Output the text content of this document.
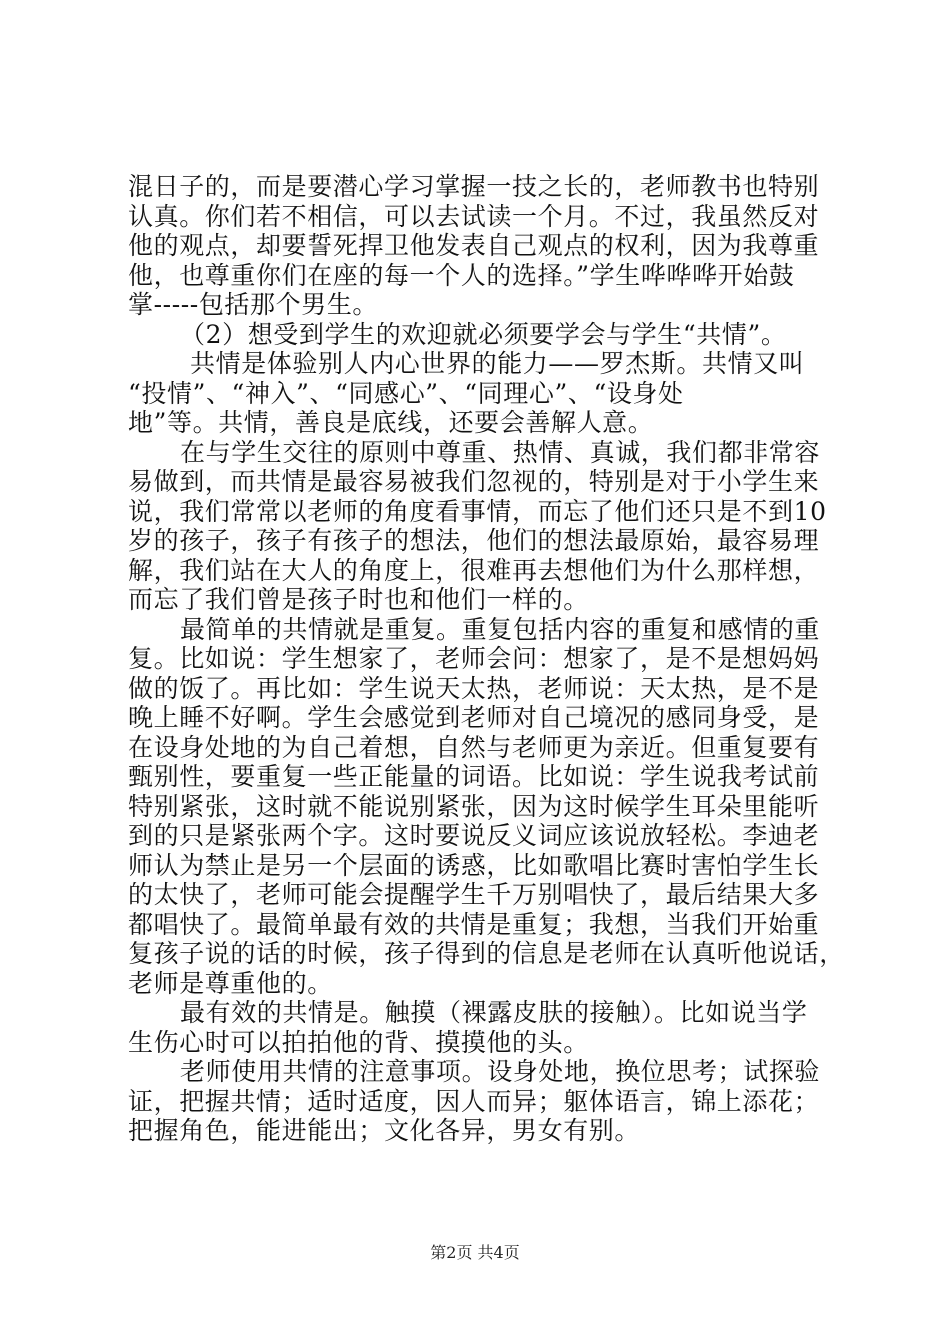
混日子的，而是要潜心学习掌握一技之长的，老师教书也特别
认真。你们若不相信，可以去试读一个月。不过，我虽然反对
他的观点，却要誓死捍卫他发表自己观点的权利，因为我尊重
他，也尊重你们在座的每一个人的选择。”学生哗哗哗开始鼓
掌-----包括那个男生。
（2）想受到学生的欢迎就必须要学会与学生“共情”。
共情是体验别人内心世界的能力——罗杰斯。共情又叫
“投情”、“神入”、“同感心”、“同理心”、“设身处
地”等。共情，善良是底线，还要会善解人意。
在与学生交往的原则中尊重、热情、真诚，我们都非常容
易做到，而共情是最容易被我们忽视的，特别是对于小学生来
说，我们常常以老师的角度看事情，而忘了他们还只是不到10
岁的孩子，孩子有孩子的想法，他们的想法最原始，最容易理
解，我们站在大人的角度上，很难再去想他们为什么那样想，
而忘了我们曾是孩子时也和他们一样的。
最简单的共情就是重复。重复包括内容的重复和感情的重
复。比如说：学生想家了，老师会问：想家了，是不是想妈妈
做的饭了。再比如：学生说天太热，老师说：天太热，是不是
晚上睡不好啊。学生会感觉到老师对自己境况的感同身受，是
在设身处地的为自己着想，自然与老师更为亲近。但重复要有
甄别性，要重复一些正能量的词语。比如说：学生说我考试前
特别紧张，这时就不能说别紧张，因为这时候学生耳朵里能听
到的只是紧张两个字。这时要说反义词应该说放轻松。李迪老
师认为禁止是另一个层面的诱惑，比如歌唱比赛时害怕学生长
的太快了，老师可能会提醒学生千万别唱快了，最后结果大多
都唱快了。最简单最有效的共情是重复；我想，当我们开始重
复孩子说的话的时候，孩子得到的信息是老师在认真听他说话，
老师是尊重他的。
最有效的共情是。触摸（裸露皮肤的接触）。比如说当学
生伤心时可以拍拍他的背、摸摸他的头。
老师使用共情的注意事项。设身处地，换位思考；试探验
证，把握共情；适时适度，因人而异；躯体语言，锦上添花；
把握角色，能进能出；文化各异，男女有别。
第2页 共4页
